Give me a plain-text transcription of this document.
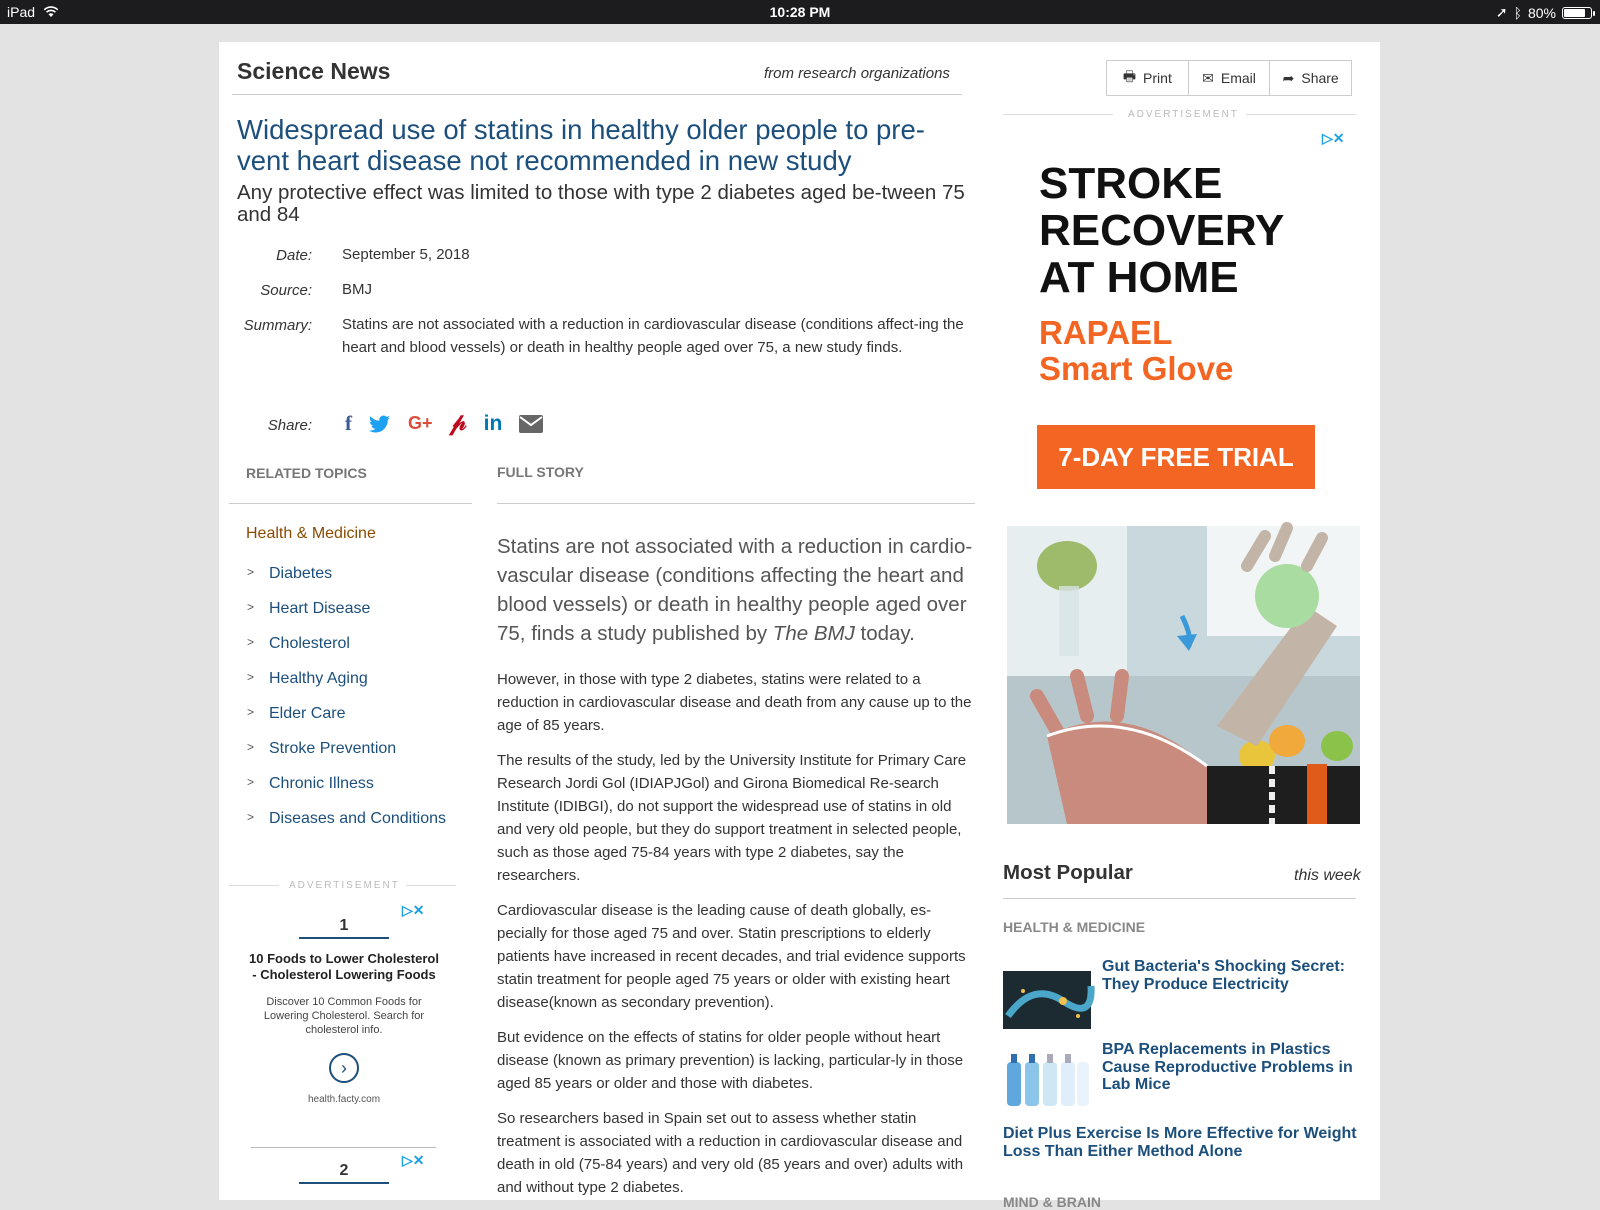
iPad	10:28 PM	➚ ᛒ 80%
Science News	from research organizations	🖶 Print ✉ Email ➦ Share
Widespread use of statins in healthy older people to pre-vent heart disease not recommended in new study
Any protective effect was limited to those with type 2 diabetes aged be-tween 75 and 84
Date: September 5, 2018
Source: BMJ
Summary: Statins are not associated with a reduction in cardiovascular disease (conditions affect-ing the heart and blood vessels) or death in healthy people aged over 75, a new study finds.
Share: f	G+ 𝓅 in
RELATED TOPICS
Health & Medicine
> Diabetes
> Heart Disease
> Cholesterol
> Healthy Aging
> Elder Care
> Stroke Prevention
> Chronic Illness
> Diseases and Conditions
ADVERTISEMENT
▷✕
1
10 Foods to Lower Cholesterol - Cholesterol Lowering Foods
Discover 10 Common Foods for Lowering Cholesterol. Search for cholesterol info.
›
health.facty.com
▷✕
2
FULL STORY
Statins are not associated with a reduction in cardio-vascular disease (conditions affecting the heart and blood vessels) or death in healthy people aged over 75, finds a study published by The BMJ today.
However, in those with type 2 diabetes, statins were related to a reduction in cardiovascular disease and death from any cause up to the age of 85 years.
The results of the study, led by the University Institute for Primary Care Research Jordi Gol (IDIAPJGol) and Girona Biomedical Re-search Institute (IDIBGI), do not support the widespread use of statins in old and very old people, but they do support treatment in selected people, such as those aged 75-84 years with type 2 diabetes, say the researchers.
Cardiovascular disease is the leading cause of death globally, es-pecially for those aged 75 and over. Statin prescriptions to elderly patients have increased in recent decades, and trial evidence supports statin treatment for people aged 75 years or older with existing heart disease(known as secondary prevention).
But evidence on the effects of statins for older people without heart disease (known as primary prevention) is lacking, particular-ly in those aged 85 years or older and those with diabetes.
So researchers based in Spain set out to assess whether statin treatment is associated with a reduction in cardiovascular disease and death in old (75-84 years) and very old (85 years and over) adults with and without type 2 diabetes.
ADVERTISEMENT
▷✕
STROKE RECOVERY AT HOME
RAPAEL
Smart Glove
7-DAY FREE TRIAL
Most Popular	this week
HEALTH & MEDICINE
Gut Bacteria's Shocking Secret: They Produce Electricity
BPA Replacements in Plastics Cause Reproductive Problems in Lab Mice
Diet Plus Exercise Is More Effective for Weight Loss Than Either Method Alone
MIND & BRAIN
